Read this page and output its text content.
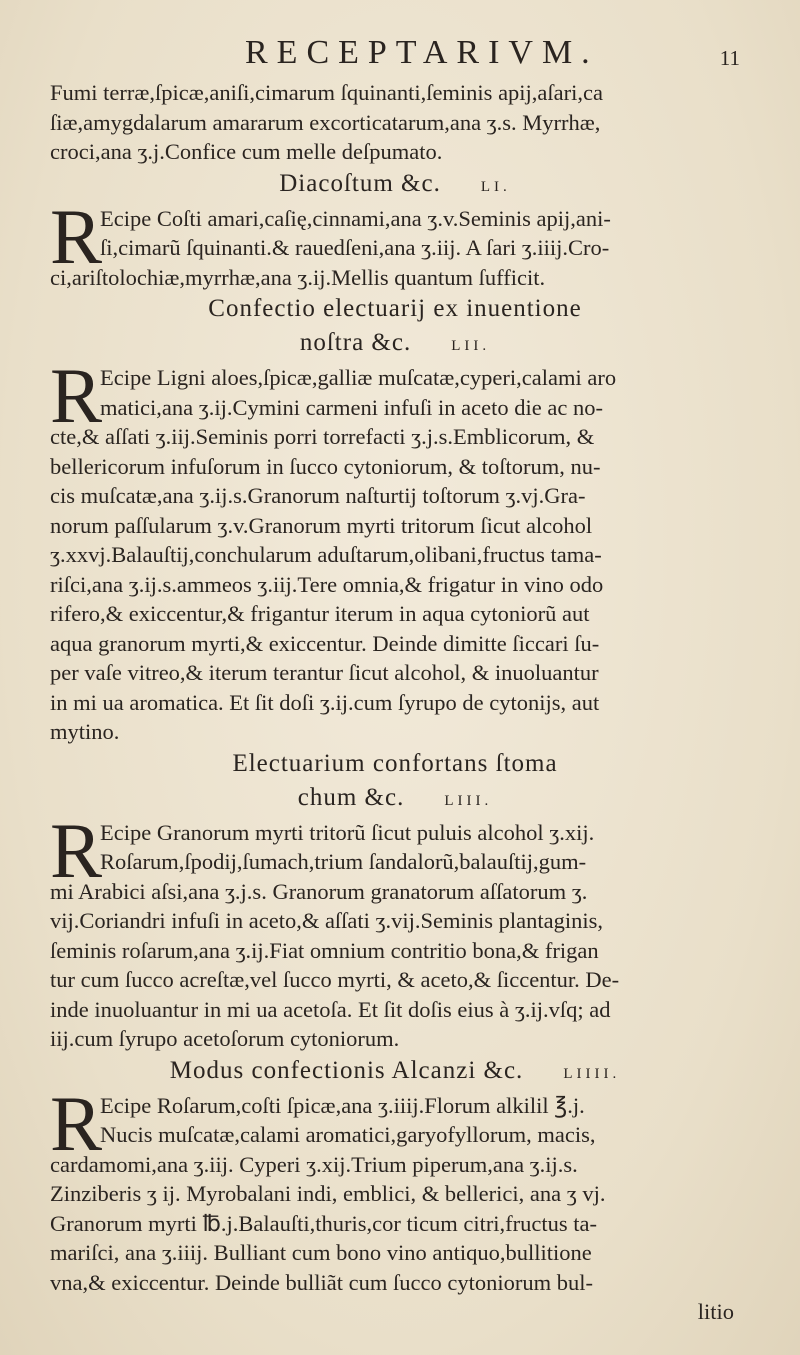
RECEPTARIVM.	11
Fumi terræ,ſpicæ,aniſi,cimarum ſquinanti,ſeminis apij,aſari,ca
ſiæ,amygdalarum amararum excorticatarum,ana ʒ.s. Myrrhæ,
croci,ana ʒ.j.Confice cum melle deſpumato.
Diacoſtum &c.	LI.
R
Ecipe Coſti amari,caſię,cinnami,ana ʒ.v.Seminis apij,ani-
ſi,cimarũ ſquinanti.& rauedſeni,ana ʒ.iij. A ſari ʒ.iiij.Cro-
ci,ariſtolochiæ,myrrhæ,ana ʒ.ij.Mellis quantum ſufficit.
Confectio electuarij ex inuentione
noſtra &c.	LII.
R
Ecipe Ligni aloes,ſpicæ,galliæ muſcatæ,cyperi,calami aro
matici,ana ʒ.ij.Cymini carmeni infuſi in aceto die ac no-
cte,& aſſati ʒ.iij.Seminis porri torrefacti ʒ.j.s.Emblicorum, &
bellericorum infuſorum in ſucco cytoniorum, & toſtorum, nu-
cis muſcatæ,ana ʒ.ij.s.Granorum naſturtij toſtorum ʒ.vj.Gra-
norum paſſularum ʒ.v.Granorum myrti tritorum ſicut alcohol
ʒ.xxvj.Balauſtij,conchularum aduſtarum,olibani,fructus tama-
riſci,ana ʒ.ij.s.ammeos ʒ.iij.Tere omnia,& frigatur in vino odo
rifero,& exiccentur,& frigantur iterum in aqua cytoniorũ aut
aqua granorum myrti,& exiccentur. Deinde dimitte ſiccari ſu-
per vaſe vitreo,& iterum terantur ſicut alcohol, & inuoluantur
in mi ua aromatica. Et ſit doſi ʒ.ij.cum ſyrupo de cytonijs, aut
mytino.
Electuarium confortans ſtoma
chum &c.	LIII.
R
Ecipe Granorum myrti tritorũ ſicut puluis alcohol ʒ.xij.
Roſarum,ſpodij,ſumach,trium ſandalorũ,balauſtij,gum-
mi Arabici aſsi,ana ʒ.j.s. Granorum granatorum aſſatorum ʒ.
vij.Coriandri infuſi in aceto,& aſſati ʒ.vij.Seminis plantaginis,
ſeminis roſarum,ana ʒ.ij.Fiat omnium contritio bona,& frigan
tur cum ſucco acreſtæ,vel ſucco myrti, & aceto,& ſiccentur. De-
inde inuoluantur in mi ua acetoſa. Et ſit doſis eius à ʒ.ij.vſq; ad
iij.cum ſyrupo acetoſorum cytoniorum.
Modus confectionis Alcanzi &c.	LIIII.
R
Ecipe Roſarum,coſti ſpicæ,ana ʒ.iiij.Florum alkilil ℥.j.
Nucis muſcatæ,calami aromatici,garyofyllorum, macis,
cardamomi,ana ʒ.iij. Cyperi ʒ.xij.Trium piperum,ana ʒ.ij.s.
Zinziberis ʒ ij. Myrobalani indi, emblici, & bellerici, ana ʒ vj.
Granorum myrti ℔.j.Balauſti,thuris,cor ticum citri,fructus ta-
mariſci, ana ʒ.iiij. Bulliant cum bono vino antiquo,bullitione
vna,& exiccentur. Deinde bulliãt cum ſucco cytoniorum bul-
litio
